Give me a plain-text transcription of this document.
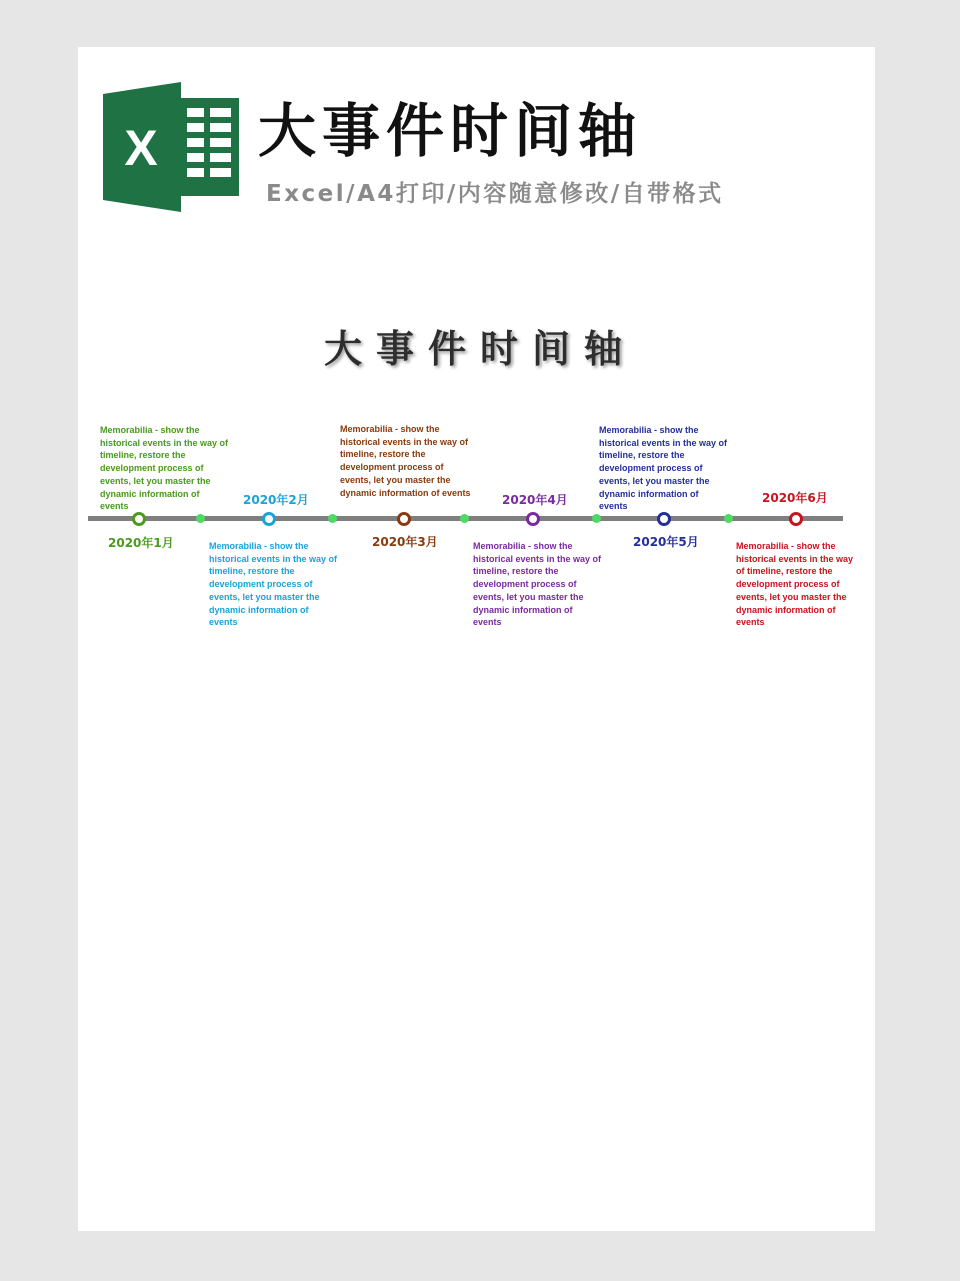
X 大事件时间轴
Excel/A4打印/内容随意修改/自带格式
大事件时间轴
Memorabilia - show the historical events in the way of timeline, restore the development process of events, let you master the dynamic information of events
2020年1月
2020年2月
Memorabilia - show the historical events in the way of timeline, restore the development process of events, let you master the dynamic information of events
Memorabilia - show the historical events in the way of timeline, restore the development process of events, let you master the dynamic information of events
2020年3月
2020年4月
Memorabilia - show the historical events in the way of timeline, restore the development process of events, let you master the dynamic information of events
Memorabilia - show the historical events in the way of timeline, restore the development process of events, let you master the dynamic information of events
2020年5月
2020年6月
Memorabilia - show the historical events in the way of timeline, restore the development process of events, let you master the dynamic information of events
